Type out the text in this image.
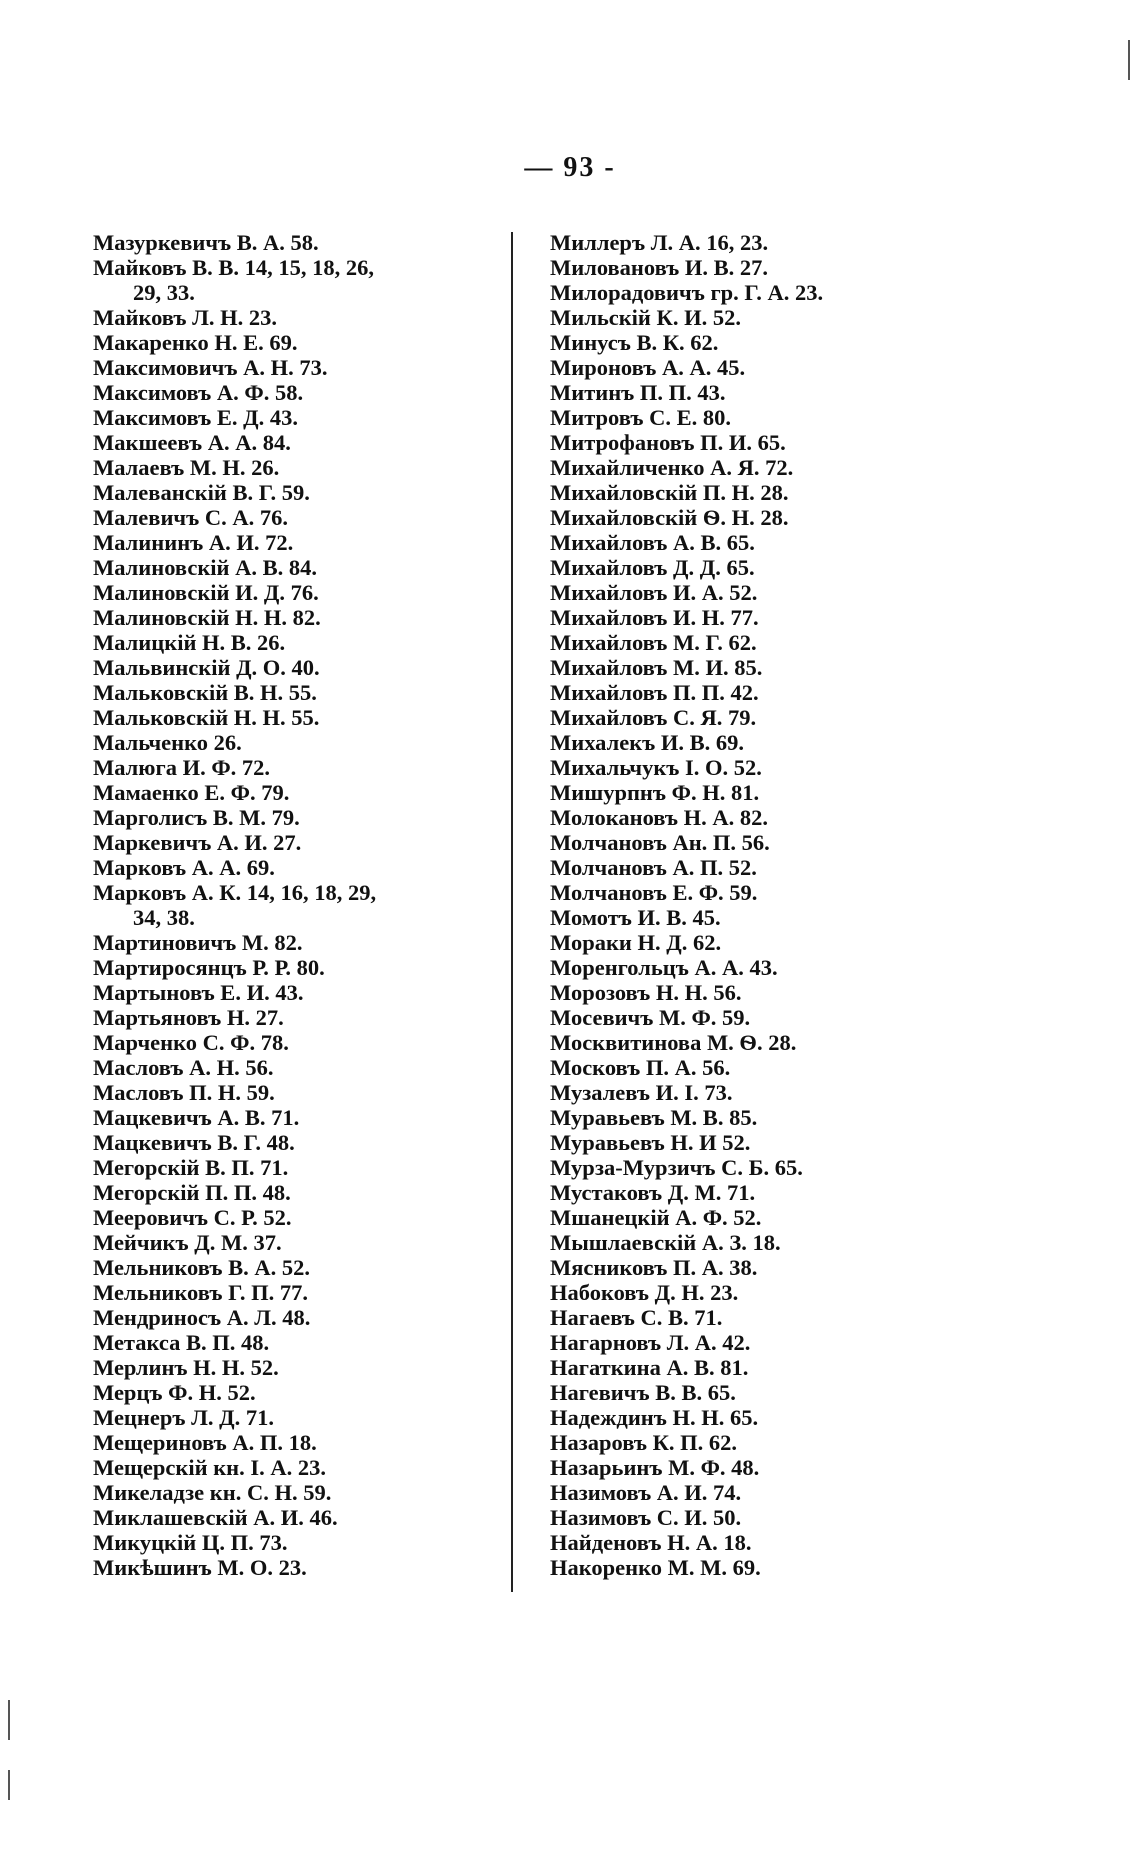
— 93 -
Мазуркевичъ В. А. 58.
Майковъ В. В. 14, 15, 18, 26,
29, 33.
Майковъ Л. Н. 23.
Макаренко Н. Е. 69.
Максимовичъ А. Н. 73.
Максимовъ А. Ф. 58.
Максимовъ Е. Д. 43.
Макшеевъ А. А. 84.
Малаевъ М. Н. 26.
Малеванскій В. Г. 59.
Малевичъ С. А. 76.
Малининъ А. И. 72.
Малиновскій А. В. 84.
Малиновскій И. Д. 76.
Малиновскій Н. Н. 82.
Малицкій Н. В. 26.
Мальвинскій Д. О. 40.
Мальковскій В. Н. 55.
Мальковскій Н. Н. 55.
Мальченко 26.
Малюга И. Ф. 72.
Мамаенко Е. Ф. 79.
Марголисъ В. М. 79.
Маркевичъ А. И. 27.
Марковъ А. А. 69.
Марковъ А. К. 14, 16, 18, 29,
34, 38.
Мартиновичъ М. 82.
Мартиросянцъ Р. Р. 80.
Мартыновъ Е. И. 43.
Мартьяновъ Н. 27.
Марченко С. Ф. 78.
Масловъ А. Н. 56.
Масловъ П. Н. 59.
Мацкевичъ А. В. 71.
Мацкевичъ В. Г. 48.
Мегорскій В. П. 71.
Мегорскій П. П. 48.
Мееровичъ С. Р. 52.
Мейчикъ Д. М. 37.
Мельниковъ В. А. 52.
Мельниковъ Г. П. 77.
Мендриносъ А. Л. 48.
Метакса В. П. 48.
Мерлинъ Н. Н. 52.
Мерцъ Ф. Н. 52.
Мецнеръ Л. Д. 71.
Мещериновъ А. П. 18.
Мещерскій кн. І. А. 23.
Микеладзе кн. С. Н. 59.
Миклашевскій А. И. 46.
Микуцкій Ц. П. 73.
Микѣшинъ М. О. 23.
Миллеръ Л. А. 16, 23.
Миловановъ И. В. 27.
Милорадовичъ гр. Г. А. 23.
Мильскій К. И. 52.
Минусъ В. К. 62.
Мироновъ А. А. 45.
Митинъ П. П. 43.
Митровъ С. Е. 80.
Митрофановъ П. И. 65.
Михайличенко А. Я. 72.
Михайловскій П. Н. 28.
Михайловскій Ѳ. Н. 28.
Михайловъ А. В. 65.
Михайловъ Д. Д. 65.
Михайловъ И. А. 52.
Михайловъ И. Н. 77.
Михайловъ М. Г. 62.
Михайловъ М. И. 85.
Михайловъ П. П. 42.
Михайловъ С. Я. 79.
Михалекъ И. В. 69.
Михальчукъ І. О. 52.
Мишурпнъ Ф. Н. 81.
Молокановъ Н. А. 82.
Молчановъ Ан. П. 56.
Молчановъ А. П. 52.
Молчановъ Е. Ф. 59.
Момотъ И. В. 45.
Мораки Н. Д. 62.
Моренгольцъ А. А. 43.
Морозовъ Н. Н. 56.
Мосевичъ М. Ф. 59.
Москвитинова М. Ѳ. 28.
Московъ П. А. 56.
Музалевъ И. І. 73.
Муравьевъ М. В. 85.
Муравьевъ Н. И 52.
Мурза-Мурзичъ С. Б. 65.
Мустаковъ Д. М. 71.
Мшанецкій А. Ф. 52.
Мышлаевскій А. З. 18.
Мясниковъ П. А. 38.
Набоковъ Д. Н. 23.
Нагаевъ С. В. 71.
Нагарновъ Л. А. 42.
Нагаткина А. В. 81.
Нагевичъ В. В. 65.
Надеждинъ Н. Н. 65.
Назаровъ К. П. 62.
Назарьинъ М. Ф. 48.
Назимовъ А. И. 74.
Назимовъ С. И. 50.
Найденовъ Н. А. 18.
Накоренко М. М. 69.
